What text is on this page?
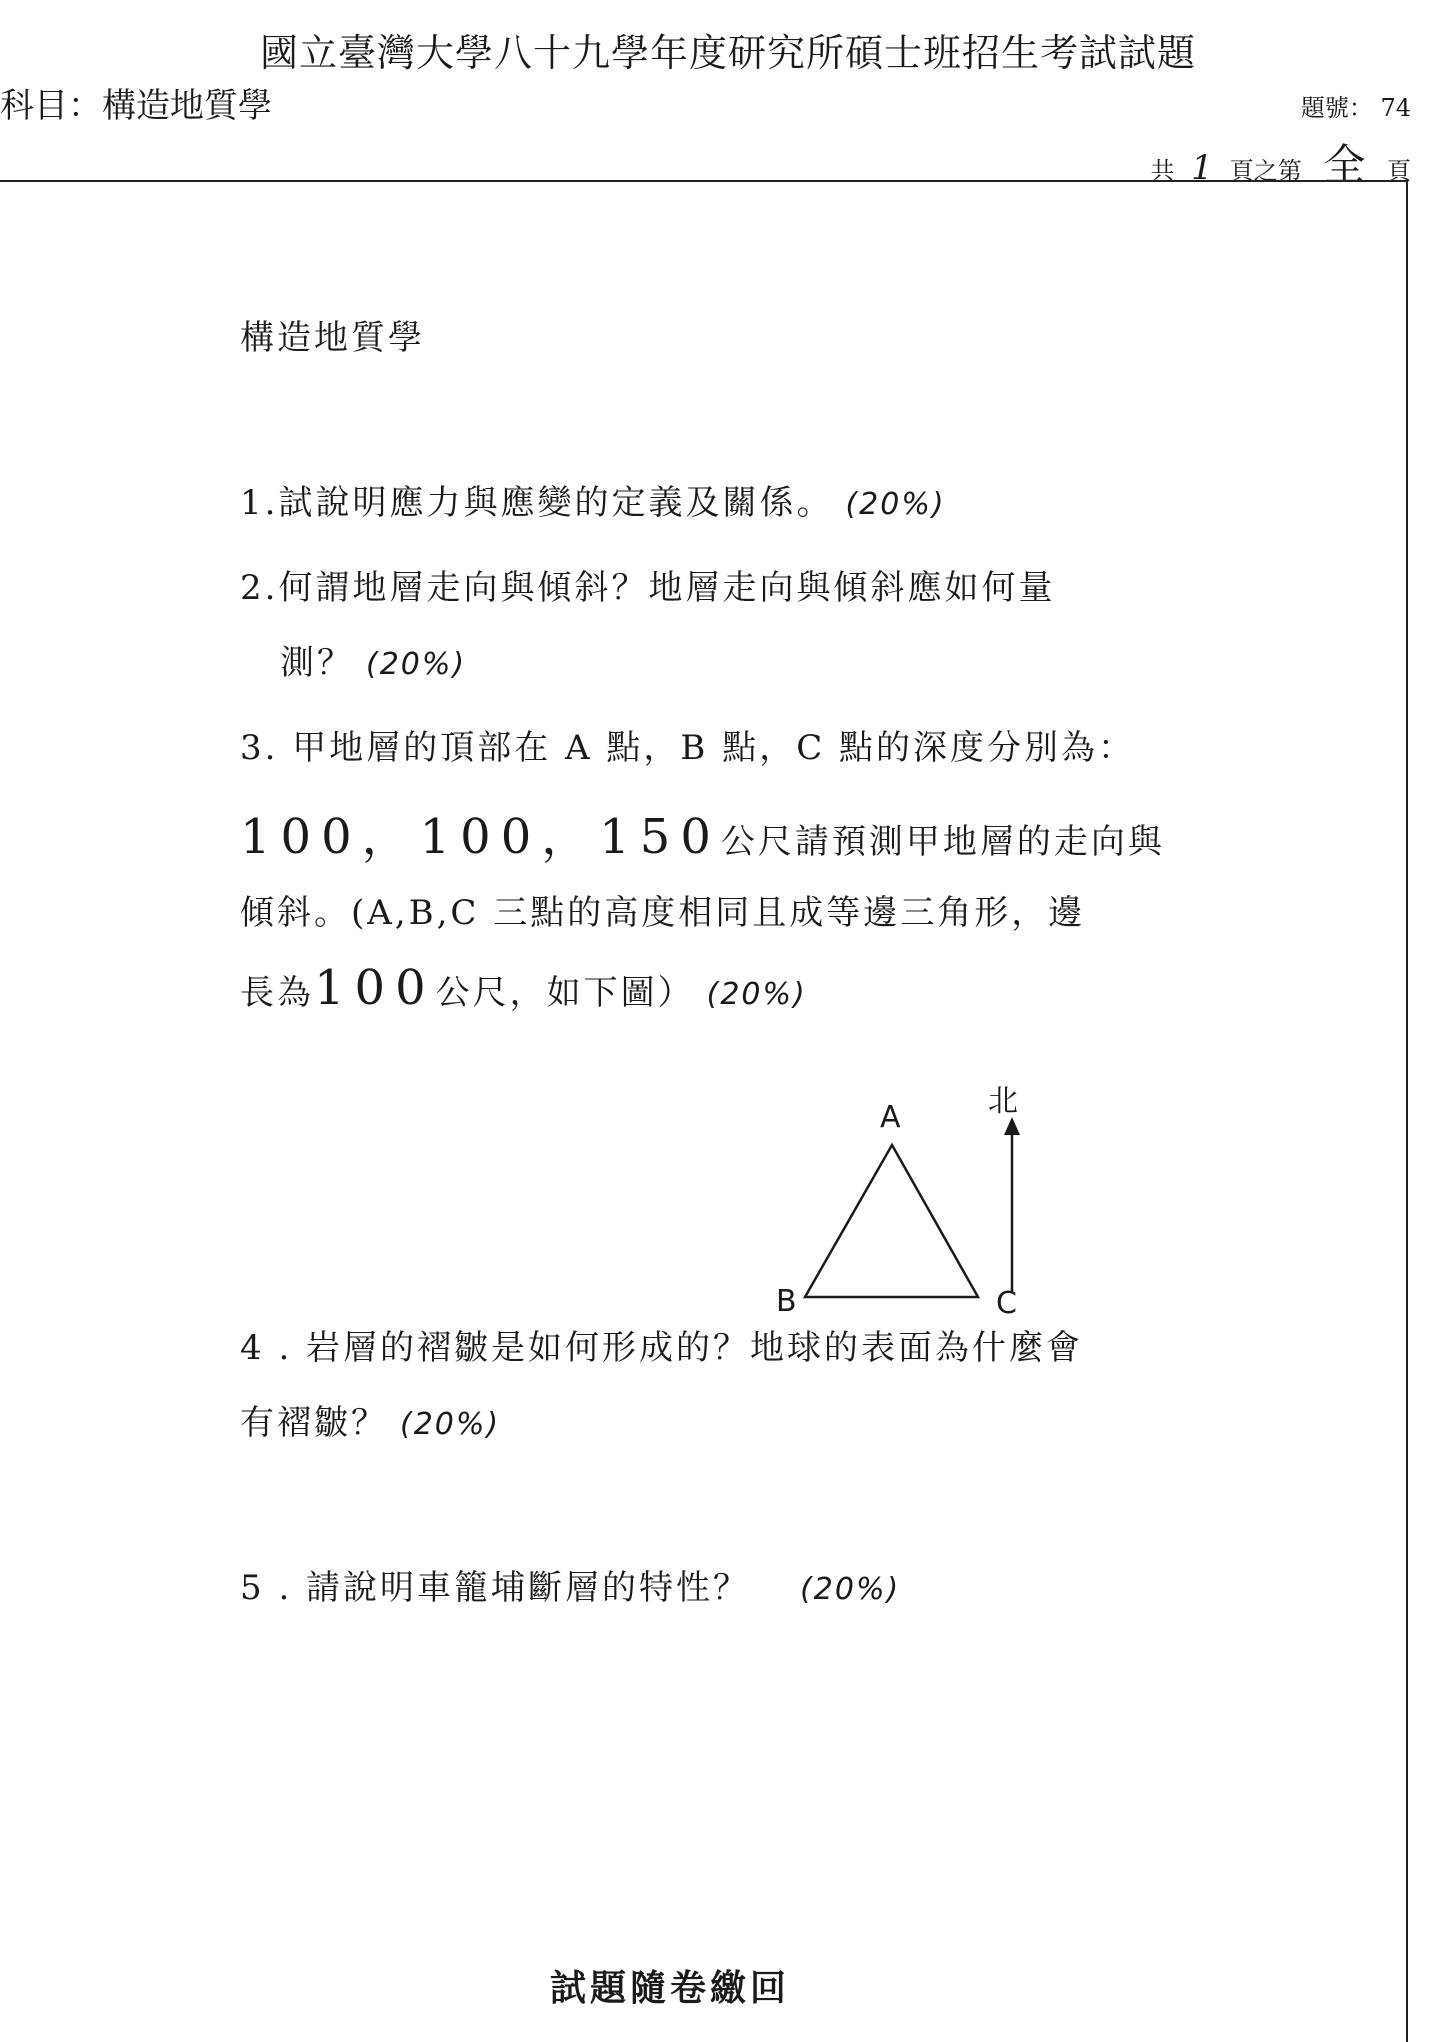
國立臺灣大學八十九學年度研究所碩士班招生考試試題
科目：構造地質學	題號： 74
共 1 頁之第 全 頁
構造地質學
1.試說明應力與應變的定義及關係。 (20%)
2.何謂地層走向與傾斜？地層走向與傾斜應如何量
測？ (20%)
3. 甲地層的頂部在 A 點，B 點，C 點的深度分別為：
100，100，150公尺請預測甲地層的走向與
傾斜。(A,B,C 三點的高度相同且成等邊三角形，邊
長為100公尺，如下圖） (20%)
A
B	C
北
4 . 岩層的褶皺是如何形成的？地球的表面為什麼會
有褶皺？ (20%)
5 . 請說明車籠埔斷層的特性？ (20%)
試題隨卷繳回
